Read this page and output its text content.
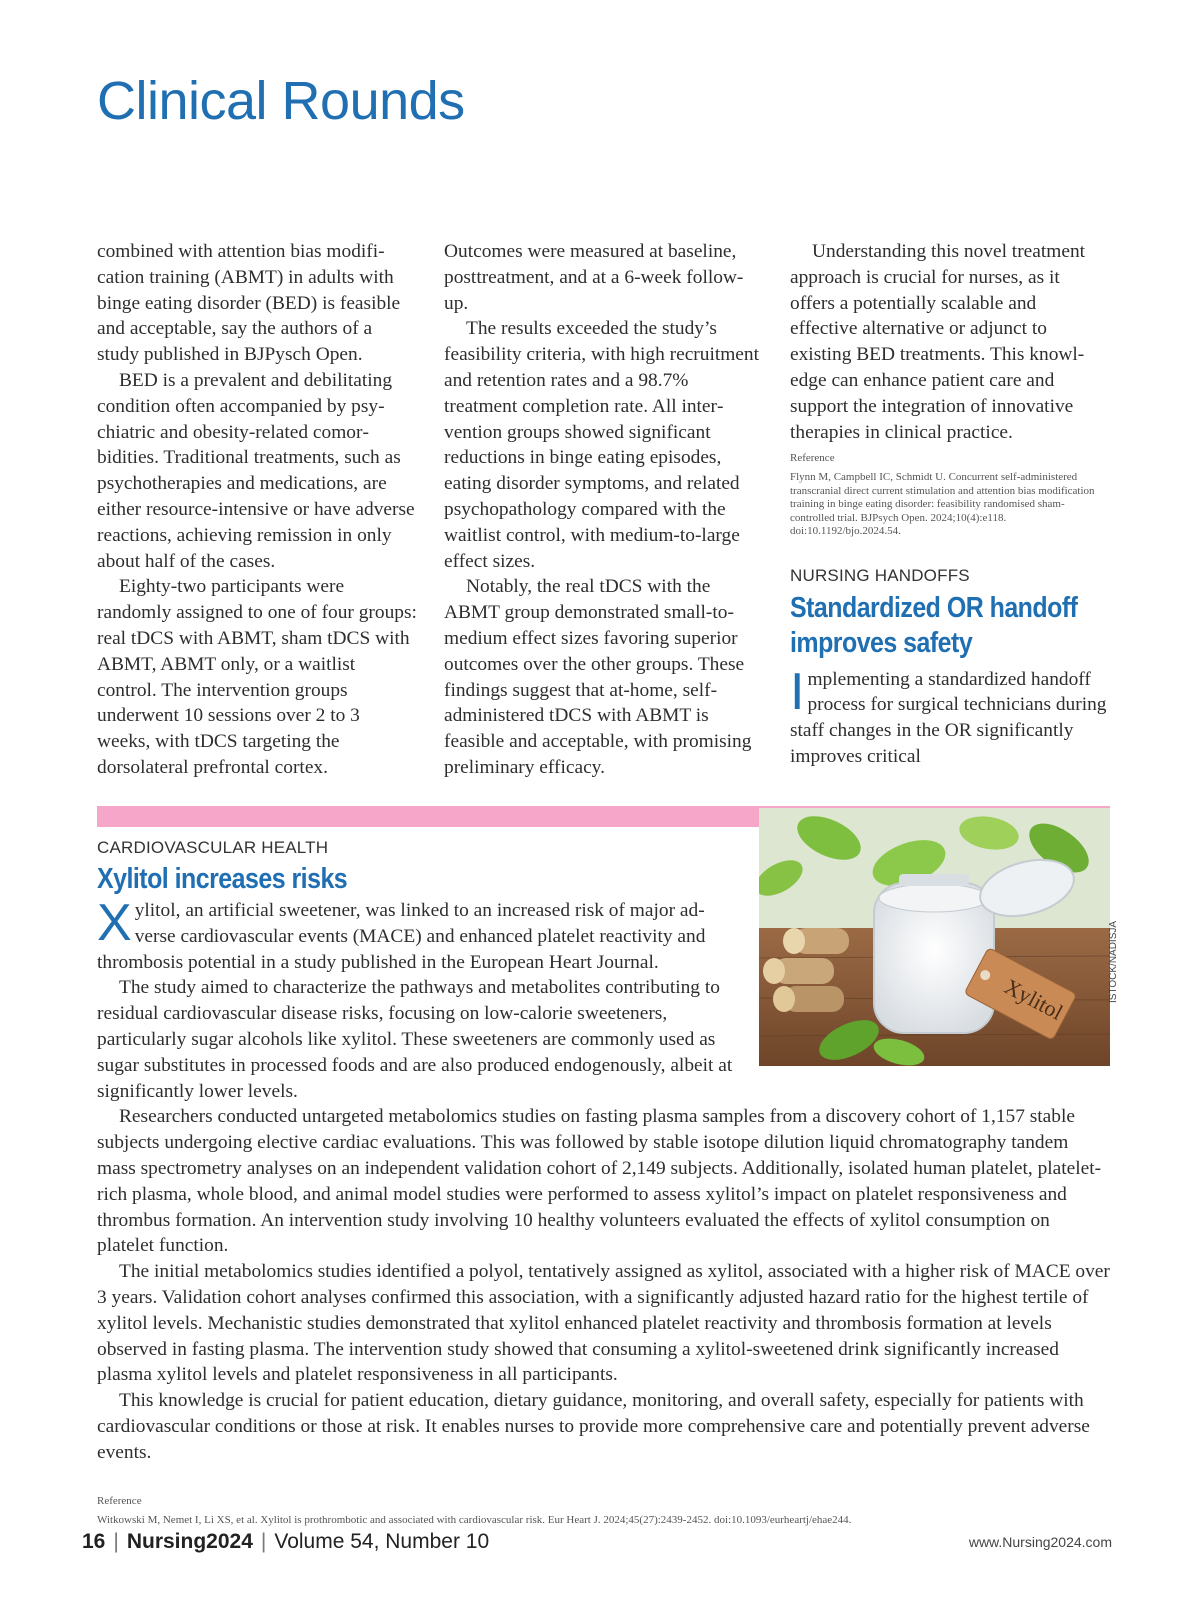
Clinical Rounds

combined with attention bias modification training (ABMT) in adults with binge eating disorder (BED) is feasible and acceptable, say the authors of a study published in BJPysch Open.

BED is a prevalent and debilitating condition often accompanied by psychiatric and obesity-related comorbidities. Traditional treatments, such as psychotherapies and medications, are either resource-intensive or have adverse reactions, achieving remission in only about half of the cases.

Eighty-two participants were randomly assigned to one of four groups: real tDCS with ABMT, sham tDCS with ABMT, ABMT only, or a waitlist control. The intervention groups underwent 10 sessions over 2 to 3 weeks, with tDCS targeting the dorsolateral prefrontal cortex.

Outcomes were measured at baseline, posttreatment, and at a 6-week follow-up.

The results exceeded the study’s feasibility criteria, with high recruitment and retention rates and a 98.7% treatment completion rate. All intervention groups showed significant reductions in binge eating episodes, eating disorder symptoms, and related psychopathology compared with the waitlist control, with medium-to-large effect sizes.

Notably, the real tDCS with the ABMT group demonstrated small-to-medium effect sizes favoring superior outcomes over the other groups. These findings suggest that at-home, self-administered tDCS with ABMT is feasible and acceptable, with promising preliminary efficacy.

Understanding this novel treatment approach is crucial for nurses, as it offers a potentially scalable and effective alternative or adjunct to existing BED treatments. This knowledge can enhance patient care and support the integration of innovative therapies in clinical practice.

Reference
Flynn M, Campbell IC, Schmidt U. Concurrent self-administered transcranial direct current stimulation and attention bias modification training in binge eating disorder: feasibility randomised sham-controlled trial. BJPsych Open. 2024;10(4):e118. doi:10.1192/bjo.2024.54.
NURSING HANDOFFS
Standardized OR handoff improves safety

Implementing a standardized handoff process for surgical technicians during staff changes in the OR significantly improves critical

CARDIOVASCULAR HEALTH
Xylitol increases risks
Xylitol

Xylitol, an artificial sweetener, was linked to an increased risk of major adverse cardiovascular events (MACE) and enhanced platelet reactivity and thrombosis potential in a study published in the European Heart Journal.

The study aimed to characterize the pathways and metabolites contributing to residual cardiovascular disease risks, focusing on low-calorie sweeteners, particularly sugar alcohols like xylitol. These sweeteners are commonly used as sugar substitutes in processed foods and are also produced endogenously, albeit at significantly lower levels.

Researchers conducted untargeted metabolomics studies on fasting plasma samples from a discovery cohort of 1,157 stable subjects undergoing elective cardiac evaluations. This was followed by stable isotope dilution liquid chromatography tandem mass spectrometry analyses on an independent validation cohort of 2,149 subjects. Additionally, isolated human platelet, platelet-rich plasma, whole blood, and animal model studies were performed to assess xylitol’s impact on platelet responsiveness and thrombus formation. An intervention study involving 10 healthy volunteers evaluated the effects of xylitol consumption on platelet function.

The initial metabolomics studies identified a polyol, tentatively assigned as xylitol, associated with a higher risk of MACE over 3 years. Validation cohort analyses confirmed this association, with a significantly adjusted hazard ratio for the highest tertile of xylitol levels. Mechanistic studies demonstrated that xylitol enhanced platelet reactivity and thrombosis formation at levels observed in fasting plasma. The intervention study showed that consuming a xylitol-sweetened drink significantly increased plasma xylitol levels and platelet responsiveness in all participants.

This knowledge is crucial for patient education, dietary guidance, monitoring, and overall safety, especially for patients with cardiovascular conditions or those at risk. It enables nurses to provide more comprehensive care and potentially prevent adverse events.

ISTOCK/NADISJA
Reference
Witkowski M, Nemet I, Li XS, et al. Xylitol is prothrombotic and associated with cardiovascular risk. Eur Heart J. 2024;45(27):2439-2452. doi:10.1093/eurheartj/ehae244.
16 | Nursing2024 | Volume 54, Number 10	www.Nursing2024.com
